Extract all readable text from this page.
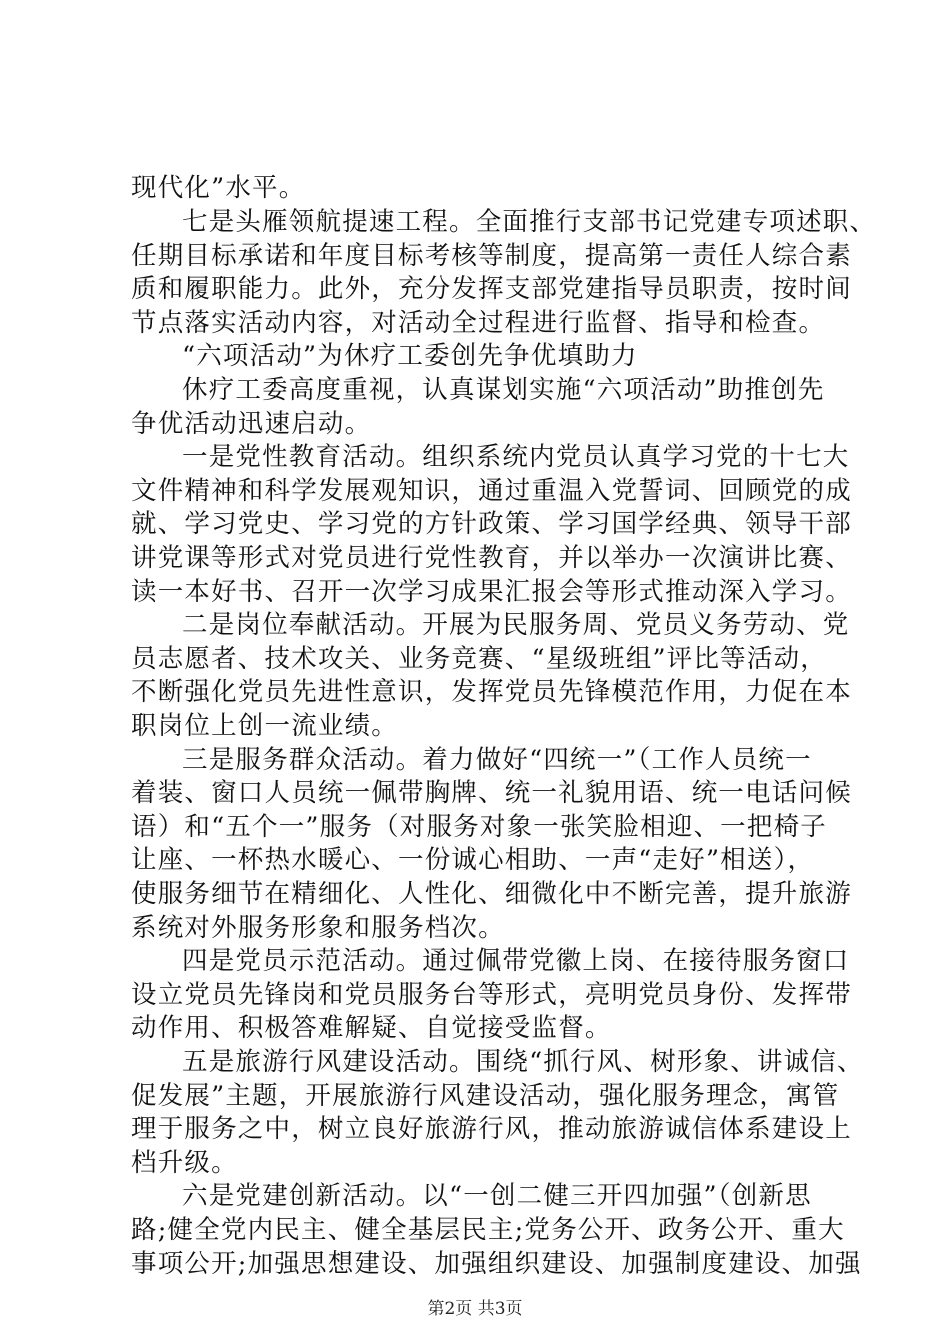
现代化”水平。
七是头雁领航提速工程。全面推行支部书记党建专项述职、
任期目标承诺和年度目标考核等制度，提高第一责任人综合素
质和履职能力。此外，充分发挥支部党建指导员职责，按时间
节点落实活动内容，对活动全过程进行监督、指导和检查。
“六项活动”为休疗工委创先争优填助力
休疗工委高度重视，认真谋划实施“六项活动”助推创先
争优活动迅速启动。
一是党性教育活动。组织系统内党员认真学习党的十七大
文件精神和科学发展观知识，通过重温入党誓词、回顾党的成
就、学习党史、学习党的方针政策、学习国学经典、领导干部
讲党课等形式对党员进行党性教育，并以举办一次演讲比赛、
读一本好书、召开一次学习成果汇报会等形式推动深入学习。
二是岗位奉献活动。开展为民服务周、党员义务劳动、党
员志愿者、技术攻关、业务竞赛、“星级班组”评比等活动，
不断强化党员先进性意识，发挥党员先锋模范作用，力促在本
职岗位上创一流业绩。
三是服务群众活动。着力做好“四统一”（工作人员统一
着装、窗口人员统一佩带胸牌、统一礼貌用语、统一电话问候
语）和“五个一”服务（对服务对象一张笑脸相迎、一把椅子
让座、一杯热水暖心、一份诚心相助、一声“走好”相送），
使服务细节在精细化、人性化、细微化中不断完善，提升旅游
系统对外服务形象和服务档次。
四是党员示范活动。通过佩带党徽上岗、在接待服务窗口
设立党员先锋岗和党员服务台等形式，亮明党员身份、发挥带
动作用、积极答难解疑、自觉接受监督。
五是旅游行风建设活动。围绕“抓行风、树形象、讲诚信、
促发展”主题，开展旅游行风建设活动，强化服务理念，寓管
理于服务之中，树立良好旅游行风，推动旅游诚信体系建设上
档升级。
六是党建创新活动。以“一创二健三开四加强”（创新思
路;健全党内民主、健全基层民主;党务公开、政务公开、重大
事项公开;加强思想建设、加强组织建设、加强制度建设、加强
第2页 共3页
